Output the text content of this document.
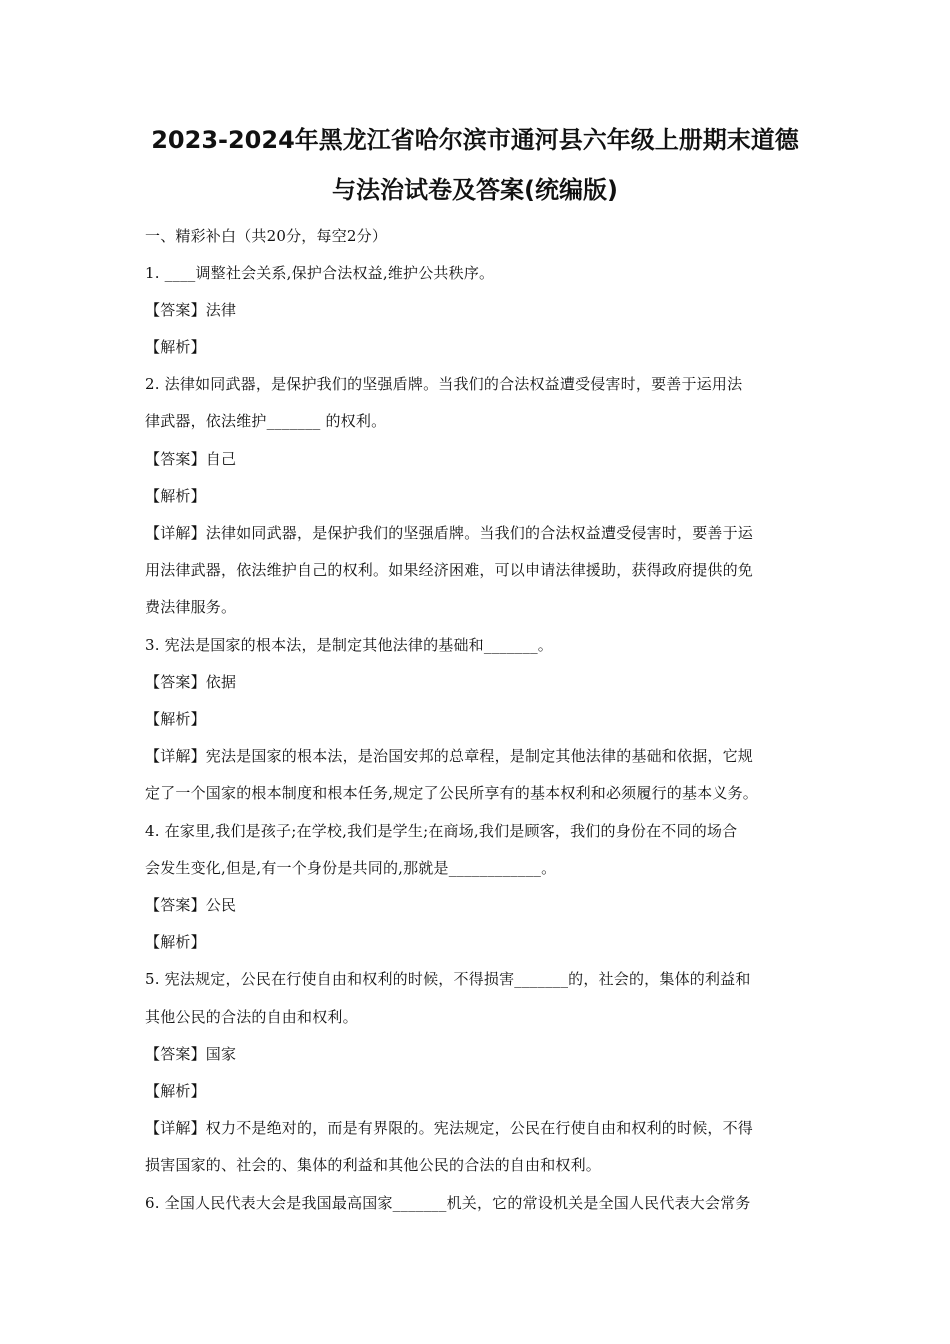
2023-2024年黑龙江省哈尔滨市通河县六年级上册期末道德
与法治试卷及答案(统编版)
一、精彩补白（共20分，每空2分）
1. ____调整社会关系,保护合法权益,维护公共秩序。
【答案】法律
【解析】
2. 法律如同武器，是保护我们的坚强盾牌。当我们的合法权益遭受侵害时，要善于运用法
律武器，依法维护_______ 的权利。
【答案】自己
【解析】
【详解】法律如同武器，是保护我们的坚强盾牌。当我们的合法权益遭受侵害时，要善于运
用法律武器，依法维护自己的权利。如果经济困难，可以申请法律援助，获得政府提供的免
费法律服务。
3. 宪法是国家的根本法，是制定其他法律的基础和_______。
【答案】依据
【解析】
【详解】宪法是国家的根本法，是治国安邦的总章程，是制定其他法律的基础和依据，它规
定了一个国家的根本制度和根本任务,规定了公民所享有的基本权利和必须履行的基本义务。
4. 在家里,我们是孩子;在学校,我们是学生;在商场,我们是顾客，我们的身份在不同的场合
会发生变化,但是,有一个身份是共同的,那就是____________。
【答案】公民
【解析】
5. 宪法规定，公民在行使自由和权利的时候，不得损害_______的，社会的，集体的利益和
其他公民的合法的自由和权利。
【答案】国家
【解析】
【详解】权力不是绝对的，而是有界限的。宪法规定，公民在行使自由和权利的时候，不得
损害国家的、社会的、集体的利益和其他公民的合法的自由和权利。
6. 全国人民代表大会是我国最高国家_______机关，它的常设机关是全国人民代表大会常务
